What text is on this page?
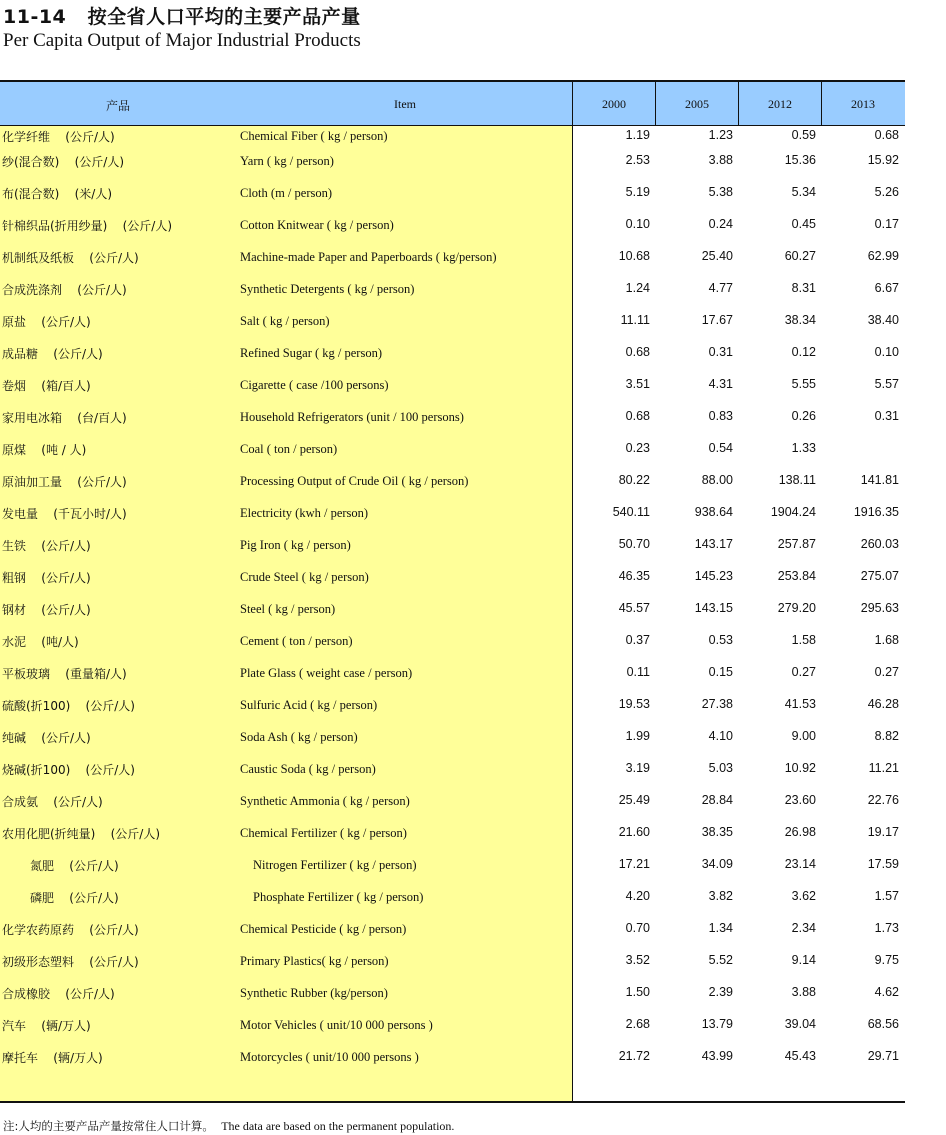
11-14 按全省人口平均的主要产品产量
Per Capita Output of Major Industrial Products
产品	Item	2000	2005	2012	2013
化学纤维    (公斤/人)	Chemical Fiber ( kg / person)	1.19	1.23	0.59	0.68
纱(混合数)    (公斤/人)	Yarn ( kg / person)	2.53	3.88	15.36	15.92
布(混合数)    (米/人)	Cloth (m / person)	5.19	5.38	5.34	5.26
针棉织品(折用纱量)    (公斤/人)	Cotton Knitwear ( kg / person)	0.10	0.24	0.45	0.17
机制纸及纸板    (公斤/人)	Machine-made Paper and Paperboards ( kg/person)	10.68	25.40	60.27	62.99
合成洗涤剂    (公斤/人)	Synthetic Detergents ( kg / person)	1.24	4.77	8.31	6.67
原盐    (公斤/人)	Salt ( kg / person)	11.11	17.67	38.34	38.40
成品糖    (公斤/人)	Refined Sugar ( kg / person)	0.68	0.31	0.12	0.10
卷烟    (箱/百人)	Cigarette ( case /100 persons)	3.51	4.31	5.55	5.57
家用电冰箱    (台/百人)	Household Refrigerators (unit / 100 persons)	0.68	0.83	0.26	0.31
原煤    (吨 / 人)	Coal ( ton / person)	0.23	0.54	1.33
原油加工量    (公斤/人)	Processing Output of Crude Oil ( kg / person)	80.22	88.00	138.11	141.81
发电量    (千瓦小时/人)	Electricity (kwh / person)	540.11	938.64	1904.24	1916.35
生铁    (公斤/人)	Pig Iron ( kg / person)	50.70	143.17	257.87	260.03
粗钢    (公斤/人)	Crude Steel ( kg / person)	46.35	145.23	253.84	275.07
钢材    (公斤/人)	Steel ( kg / person)	45.57	143.15	279.20	295.63
水泥    (吨/人)	Cement ( ton / person)	0.37	0.53	1.58	1.68
平板玻璃    (重量箱/人)	Plate Glass ( weight case / person)	0.11	0.15	0.27	0.27
硫酸(折100)    (公斤/人)	Sulfuric Acid ( kg / person)	19.53	27.38	41.53	46.28
纯碱    (公斤/人)	Soda Ash ( kg / person)	1.99	4.10	9.00	8.82
烧碱(折100)    (公斤/人)	Caustic Soda ( kg / person)	3.19	5.03	10.92	11.21
合成氨    (公斤/人)	Synthetic Ammonia ( kg / person)	25.49	28.84	23.60	22.76
农用化肥(折纯量)    (公斤/人)	Chemical Fertilizer ( kg / person)	21.60	38.35	26.98	19.17
氮肥    (公斤/人)	Nitrogen Fertilizer ( kg / person)	17.21	34.09	23.14	17.59
磷肥    (公斤/人)	Phosphate Fertilizer ( kg / person)	4.20	3.82	3.62	1.57
化学农药原药    (公斤/人)	Chemical Pesticide ( kg / person)	0.70	1.34	2.34	1.73
初级形态塑料    (公斤/人)	Primary Plastics( kg / person)	3.52	5.52	9.14	9.75
合成橡胶    (公斤/人)	Synthetic Rubber (kg/person)	1.50	2.39	3.88	4.62
汽车    (辆/万人)	Motor Vehicles ( unit/10 000 persons )	2.68	13.79	39.04	68.56
摩托车    (辆/万人)	Motorcycles ( unit/10 000 persons )	21.72	43.99	45.43	29.71
注:人均的主要产品产量按常住人口计算。 The data are based on the permanent population.
